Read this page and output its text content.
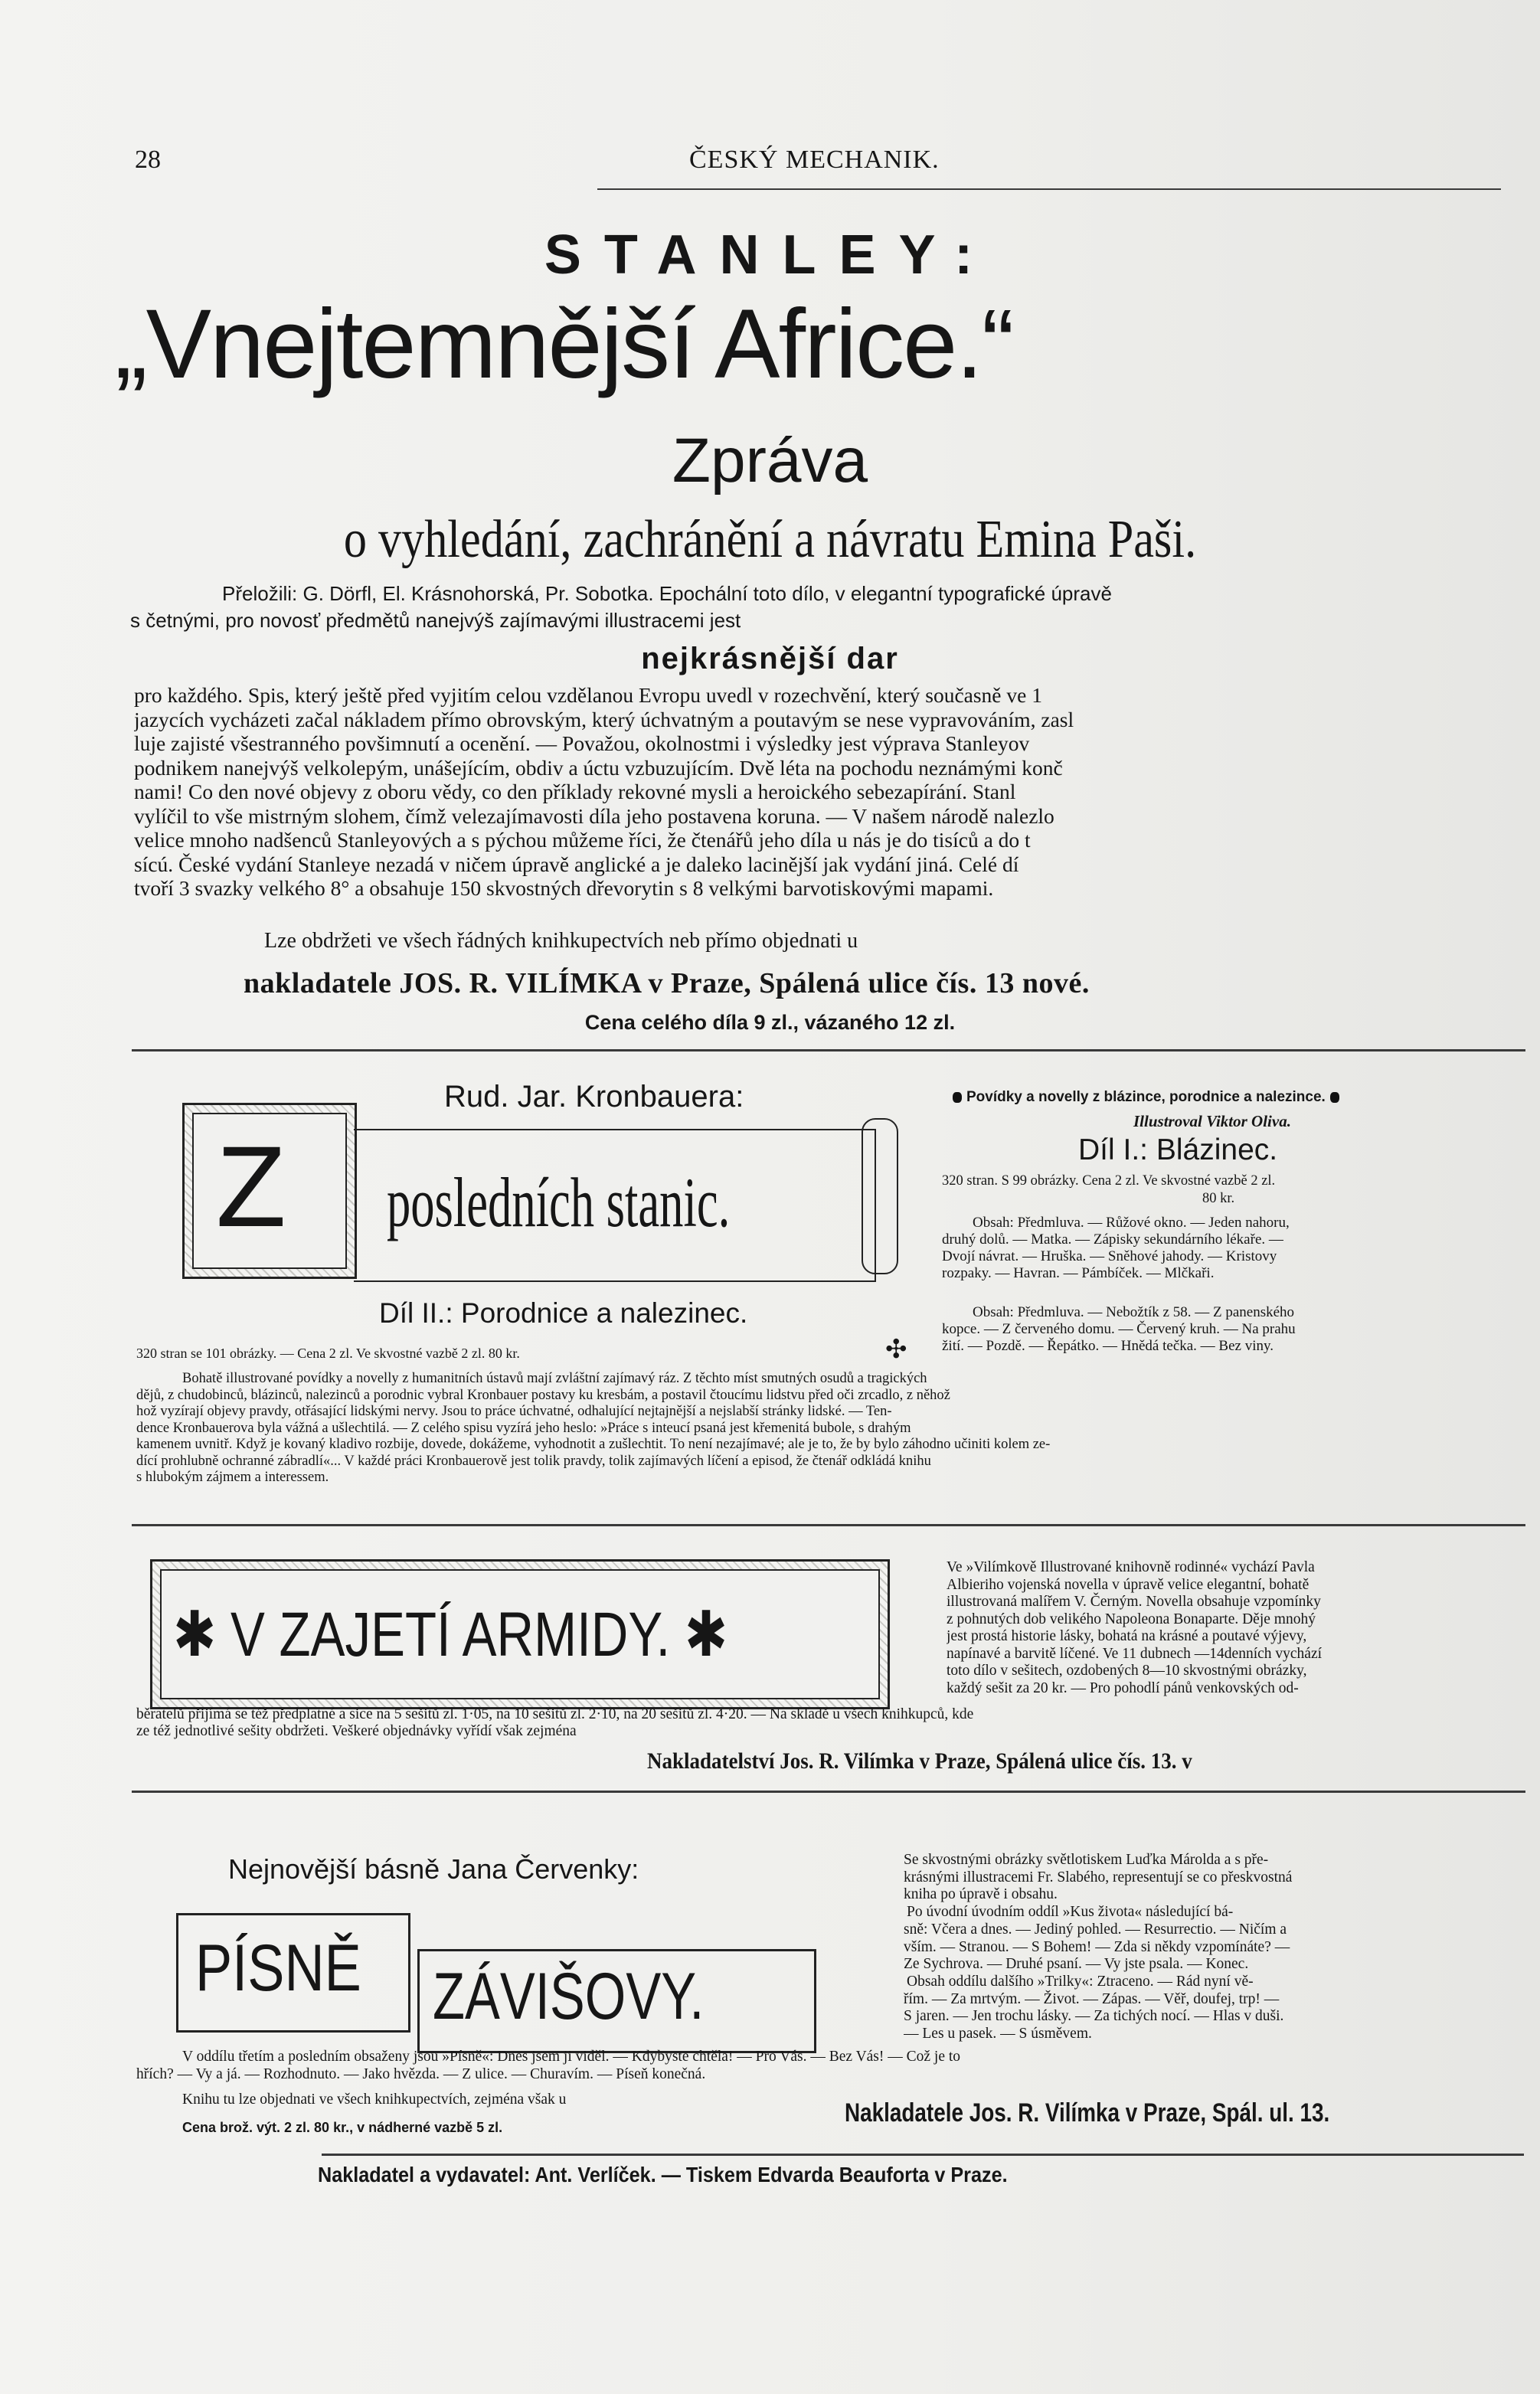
28	ČESKÝ MECHANIK.
STANLEY:
„Vnejtemnější Africe.“
Zpráva
o vyhledání, zachránění a návratu Emina Paši.
Přeložili: G. Dörfl, El. Krásnohorská, Pr. Sobotka. Epochální toto dílo, v elegantní typografické úpravě
s četnými, pro novosť předmětů nanejvýš zajímavými illustracemi jest
nejkrásnější dar
pro každého. Spis, který ještě před vyjitím celou vzdělanou Evropu uvedl v rozechvění, který současně ve 1
jazycích vycházeti začal nákladem přímo obrovským, který úchvatným a poutavým se nese vypravováním, zasl
luje zajisté všestranného povšimnutí a ocenění. — Považou, okolnostmi i výsledky jest výprava Stanleyov
podnikem nanejvýš velkolepým, unášejícím, obdiv a úctu vzbuzujícím. Dvě léta na pochodu neznámými konč
nami! Co den nové objevy z oboru vědy, co den příklady rekovné mysli a heroického sebezapírání. Stanl
vylíčil to vše mistrným slohem, čímž velezajímavosti díla jeho postavena koruna. — V našem národě nalezlo
velice mnoho nadšenců Stanleyových a s pýchou můžeme říci, že čtenářů jeho díla u nás je do tisíců a do t
sícú. České vydání Stanleye nezadá v ničem úpravě anglické a je daleko lacinější jak vydání jiná. Celé dí
tvoří 3 svazky velkého 8° a obsahuje 150 skvostných dřevorytin s 8 velkými barvotiskovými mapami.
Lze obdržeti ve všech řádných knihkupectvích neb přímo objednati u
nakladatele JOS. R. VILÍMKA v Praze, Spálená ulice čís. 13 nové.
Cena celého díla 9 zl., vázaného 12 zl.
Rud. Jar. Kronbauera:
Z posledních stanic.
Díl II.: Porodnice a nalezinec.
320 stran se 101 obrázky. — Cena 2 zl. Ve skvostné vazbě 2 zl. 80 kr.	✣
Povídky a novelly z blázince, porodnice a nalezince.
Illustroval Viktor Oliva.
Díl I.: Blázinec.
320 stran. S 99 obrázky. Cena 2 zl. Ve skvostné vazbě 2 zl.
80 kr.
Obsah: Předmluva. — Růžové okno. — Jeden nahoru,
druhý dolů. — Matka. — Zápisky sekundárního lékaře. —
Dvojí návrat. — Hruška. — Sněhové jahody. — Kristovy
rozpaky. — Havran. — Pámbíček. — Mlčkaři.
Obsah: Předmluva. — Nebožtík z 58. — Z panenského
kopce. — Z červeného domu. — Červený kruh. — Na prahu
žití. — Pozdě. — Řepátko. — Hnědá tečka. — Bez viny.
Bohatě illustrované povídky a novelly z humanitních ústavů mají zvláštní zajímavý ráz. Z těchto míst smutných osudů a tragických
dějů, z chudobinců, blázinců, nalezinců a porodnic vybral Kronbauer postavy ku kresbám, a postavil čtoucímu lidstvu před oči zrcadlo, z něhož
hož vyzírají objevy pravdy, otřásající lidskými nervy. Jsou to práce úchvatné, odhalující nejtajnější a nejslabší stránky lidské. — Ten-
dence Kronbauerova byla vážná a ušlechtilá. — Z celého spisu vyzírá jeho heslo: »Práce s inteucí psaná jest křemenitá bubole, s drahým
kamenem uvnitř. Když je kovaný kladivo rozbije, dovede, dokážeme, vyhodnotit a zušlechtit. To není nezajímavé; ale je to, že by bylo záhodno učiniti kolem ze-
dící prohlubně ochranné zábradlí«... V každé práci Kronbauerově jest tolik pravdy, tolik zajímavých líčení a episod, že čtenář odkládá knihu
s hlubokým zájmem a interessem.
✱ V ZAJETÍ ARMIDY. ✱
Ve »Vilímkově Illustrované knihovně rodinné« vychází Pavla
Albieriho vojenská novella v úpravě velice elegantní, bohatě
illustrovaná malířem V. Černým. Novella obsahuje vzpomínky
z pohnutých dob velikého Napoleona Bonaparte. Děje mnohý
jest prostá historie lásky, bohatá na krásné a poutavé výjevy,
napínavé a barvitě líčené. Ve 11 dubnech —14denních vychází
toto dílo v sešitech, ozdobených 8—10 skvostnými obrázky,
každý sešit za 20 kr. — Pro pohodlí pánů venkovských od-
běratelů přijímá se též předplatné a sice na 5 sešitů zl. 1·05, na 10 sešitů zl. 2·10, na 20 sešitů zl. 4·20. — Na skladě u všech knihkupců, kde
ze též jednotlivé sešity obdržeti. Veškeré objednávky vyřídí však zejména
Nakladatelství Jos. R. Vilímka v Praze, Spálená ulice čís. 13. v
Nejnovější básně Jana Červenky:
PÍSNĚ ZÁVIŠOVY.
Se skvostnými obrázky světlotiskem Luďka Márolda a s pře-
krásnými illustracemi Fr. Slabého, representují se co přeskvostná
kniha po úpravě i obsahu.
Po úvodní úvodním oddíl »Kus života« následující bá-
sně: Včera a dnes. — Jediný pohled. — Resurrectio. — Ničím a
vším. — Stranou. — S Bohem! — Zda si někdy vzpomínáte? —
Ze Sychrova. — Druhé psaní. — Vy jste psala. — Konec.
Obsah oddílu dalšího »Trilky«: Ztraceno. — Rád nyní vě-
řím. — Za mrtvým. — Život. — Zápas. — Věř, doufej, trp! —
S jaren. — Jen trochu lásky. — Za tichých nocí. — Hlas v duši.
— Les u pasek. — S úsměvem.
V oddílu třetím a posledním obsaženy jsou »Písně«: Dnes jsem ji viděl. — Kdybyste chtěla! — Pro Vás. — Bez Vás! — Což je to
hřích? — Vy a já. — Rozhodnuto. — Jako hvězda. — Z ulice. — Churavím. — Píseň konečná.
Knihu tu lze objednati ve všech knihkupectvích, zejména však u
Cena brož. výt. 2 zl. 80 kr., v nádherné vazbě 5 zl.	Nakladatele Jos. R. Vilímka v Praze, Spál. ul. 13.
Nakladatel a vydavatel: Ant. Verlíček. — Tiskem Edvarda Beauforta v Praze.
